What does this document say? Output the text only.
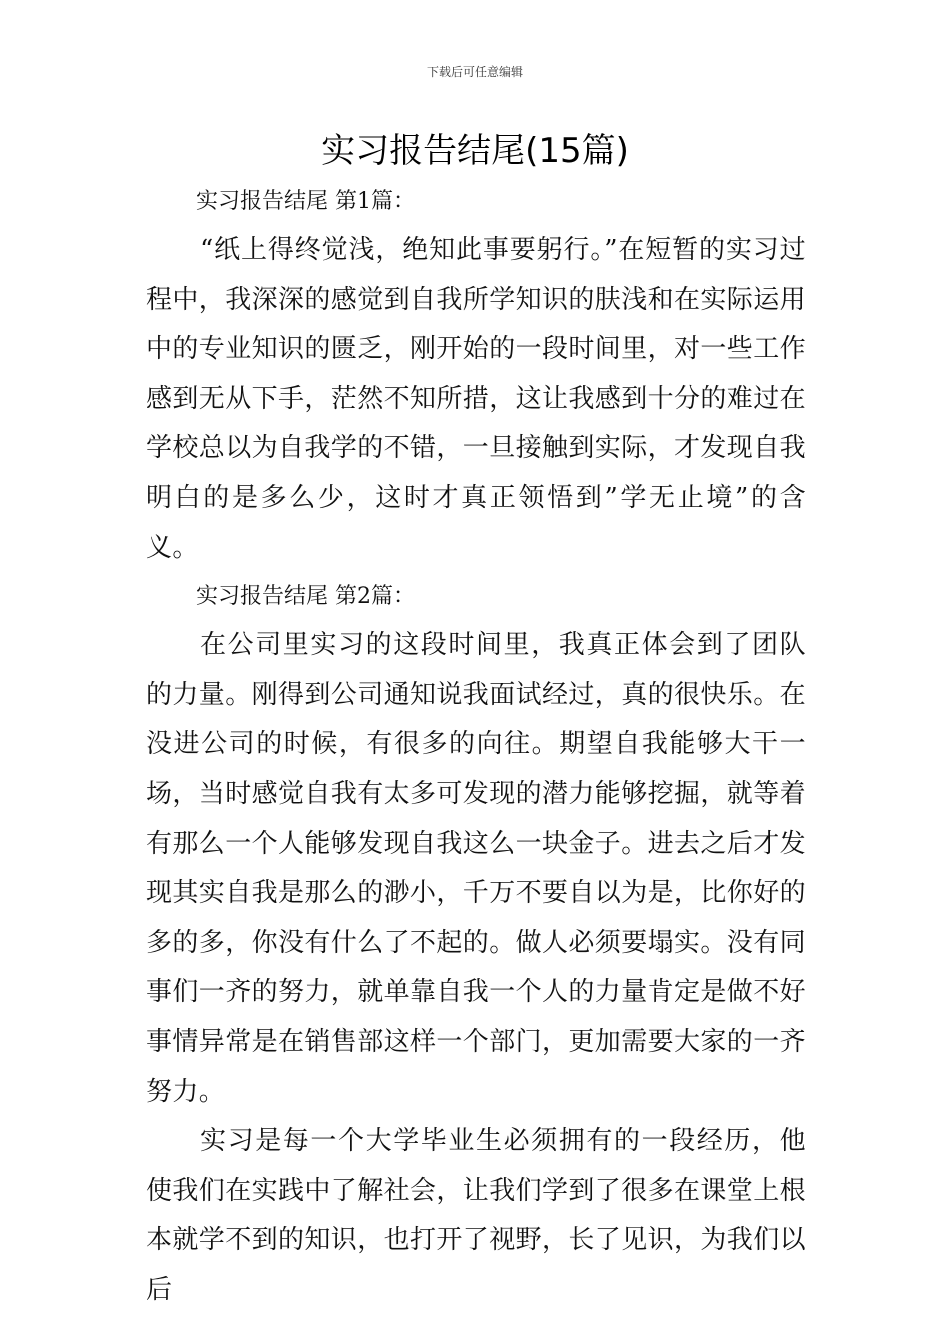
下载后可任意编辑
实习报告结尾(15篇)

实习报告结尾 第1篇：

“纸上得终觉浅，绝知此事要躬行。”在短暂的实习过程中，我深深的感觉到自我所学知识的肤浅和在实际运用中的专业知识的匮乏，刚开始的一段时间里，对一些工作感到无从下手，茫然不知所措，这让我感到十分的难过在学校总以为自我学的不错，一旦接触到实际，才发现自我明白的是多么少，这时才真正领悟到”学无止境”的含义。

实习报告结尾 第2篇：

在公司里实习的这段时间里，我真正体会到了团队的力量。刚得到公司通知说我面试经过，真的很快乐。在没进公司的时候，有很多的向往。期望自我能够大干一场，当时感觉自我有太多可发现的潜力能够挖掘，就等着有那么一个人能够发现自我这么一块金子。进去之后才发现其实自我是那么的渺小，千万不要自以为是，比你好的多的多，你没有什么了不起的。做人必须要塌实。没有同事们一齐的努力，就单靠自我一个人的力量肯定是做不好事情异常是在销售部这样一个部门，更加需要大家的一齐努力。

实习是每一个大学毕业生必须拥有的一段经历，他使我们在实践中了解社会，让我们学到了很多在课堂上根本就学不到的知识，也打开了视野，长了见识，为我们以后
